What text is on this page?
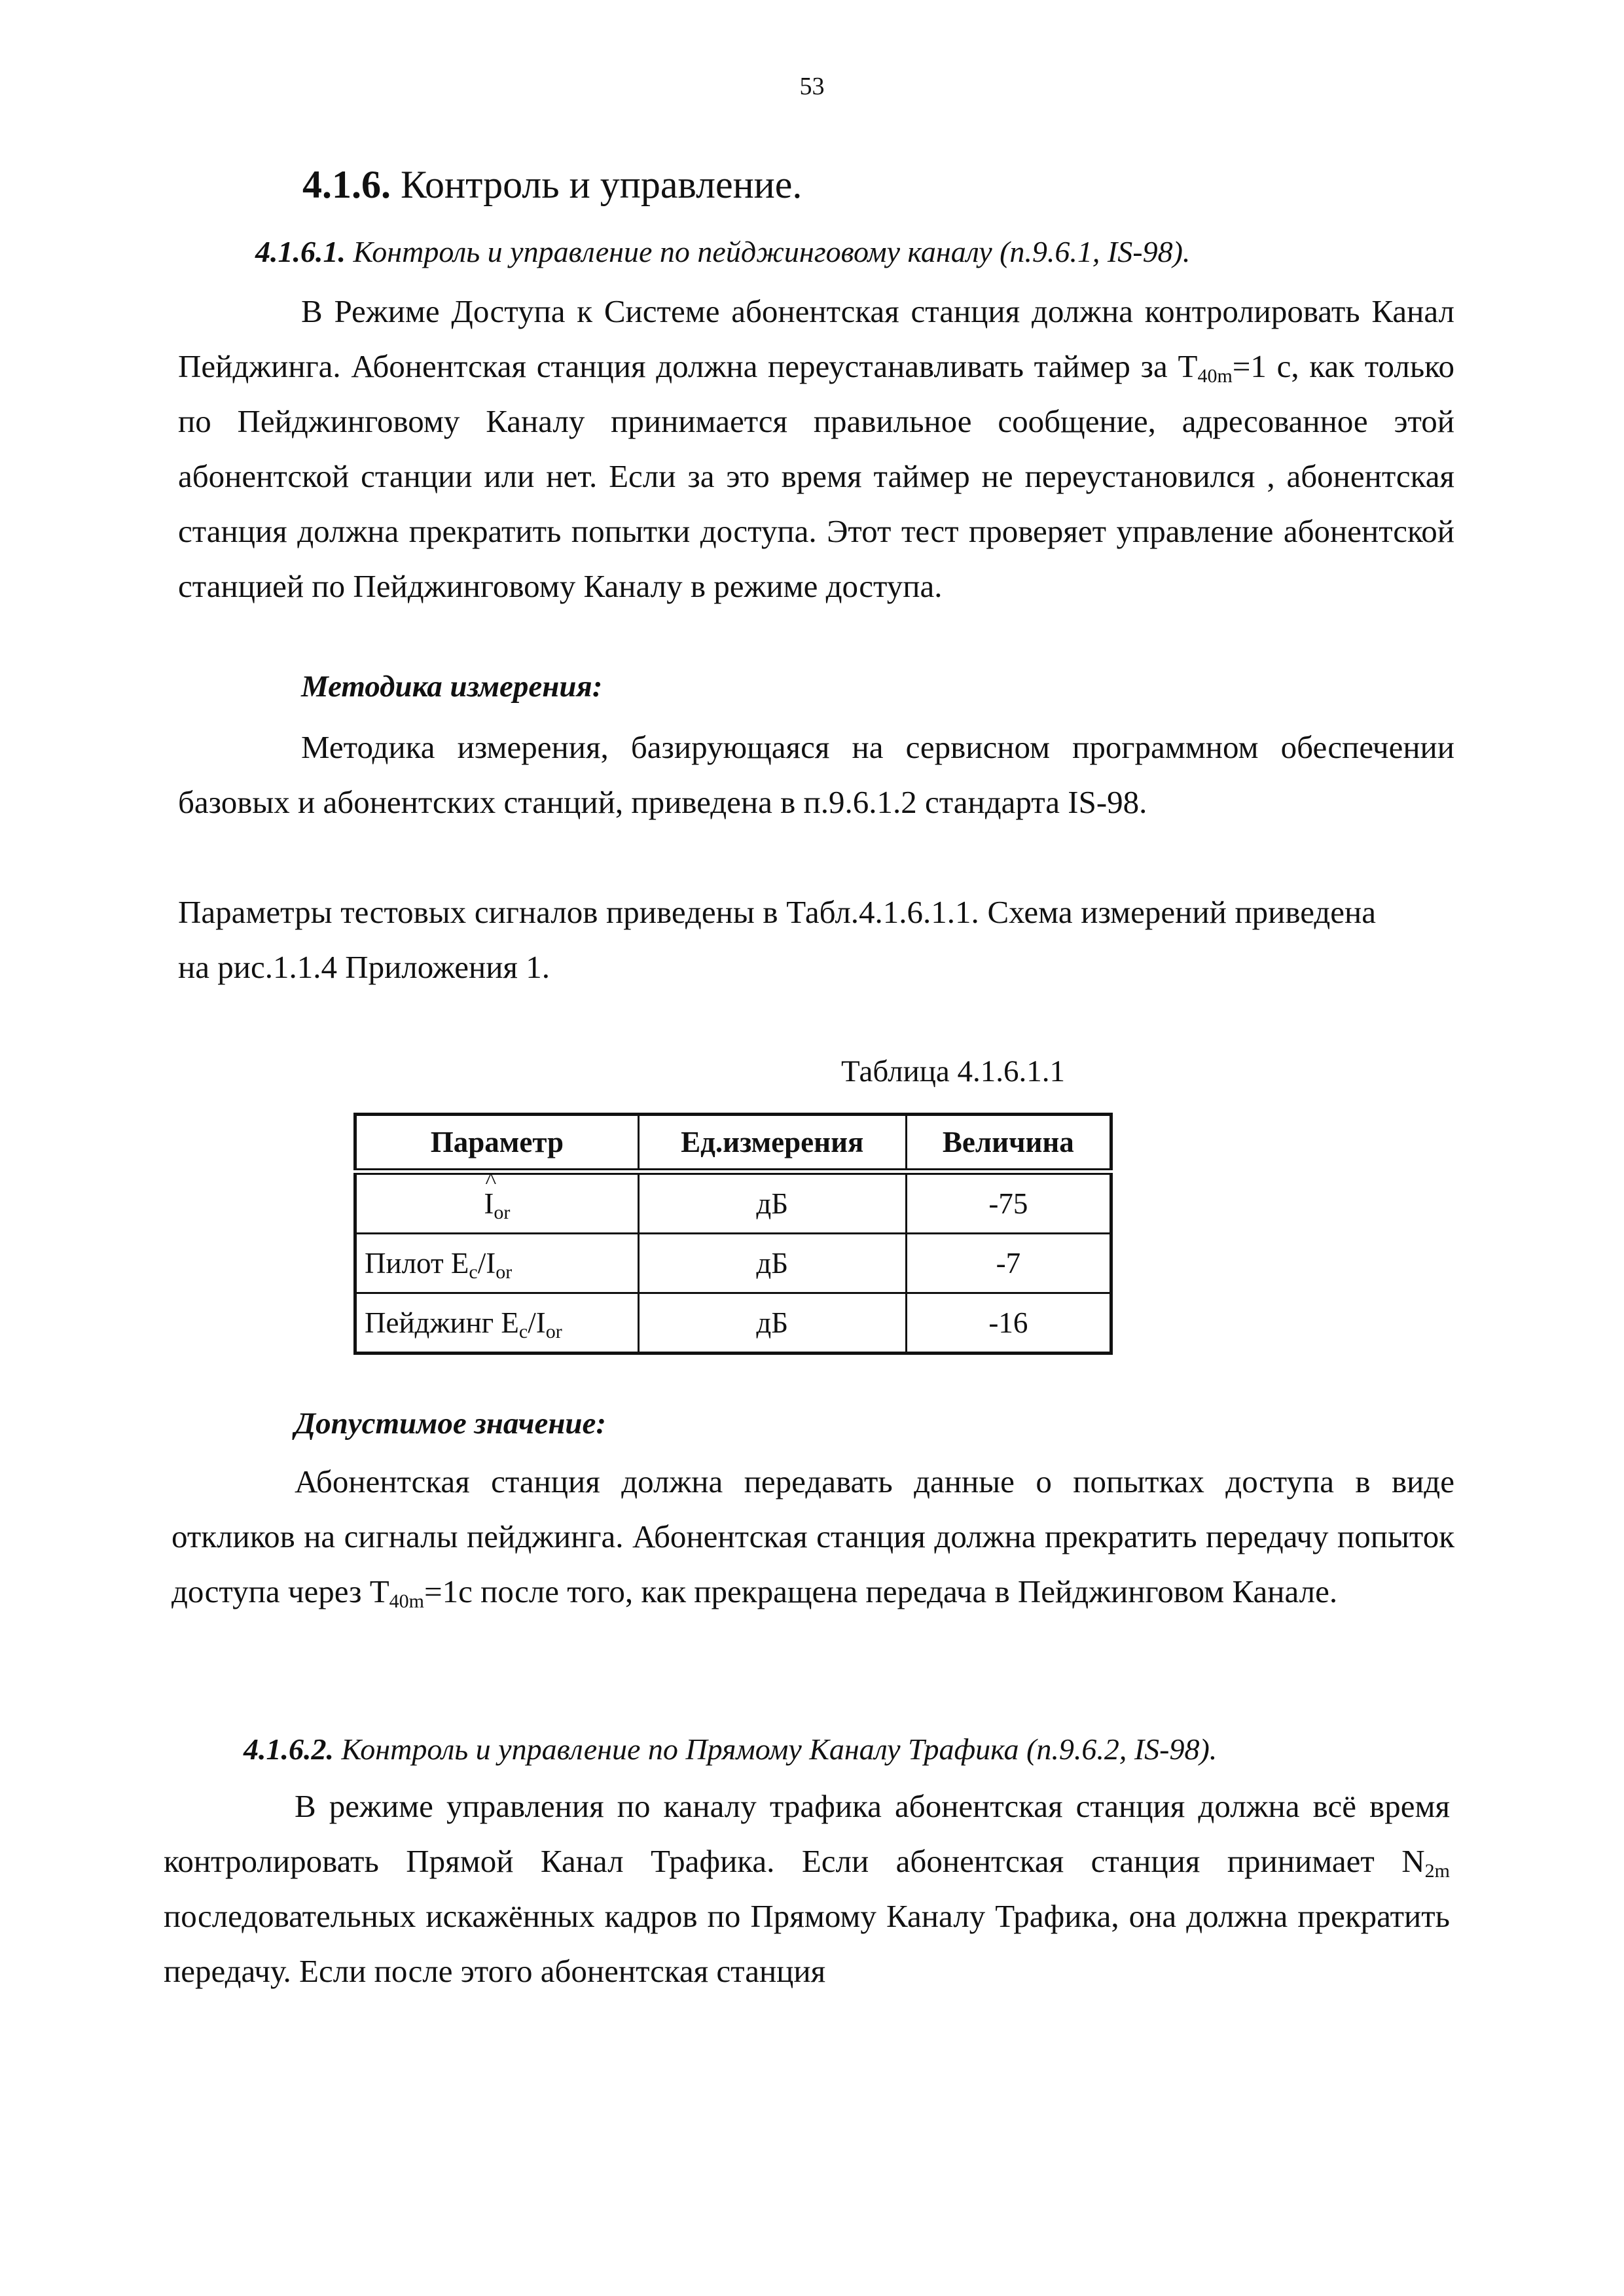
53
4.1.6. Контроль и управление.
4.1.6.1. Контроль и управление по пейджинговому каналу (п.9.6.1, IS-98).
В Режиме Доступа к Системе абонентская станция должна контролировать Канал Пейджинга. Абонентская станция должна переустанавливать таймер за $T_{40m}=1$ с, как только по Пейджинговому Каналу принимается правильное сообщение, адресованное этой абонентской станции или нет. Если за это время таймер не переустановился , абонентская станция должна прекратить попытки доступа. Этот тест проверяет управление абонентской станцией по Пейджинговому Каналу в режиме доступа.
Методика измерения:
Методика измерения, базирующаяся на сервисном программном обеспечении базовых и абонентских станций, приведена в п.9.6.1.2 стандарта IS-98.
Параметры тестовых сигналов приведены в Табл.4.1.6.1.1. Схема измерений приведена на рис.1.1.4 Приложения 1.
Таблица 4.1.6.1.1
Параметр	Ед.измерения	Величина

^
$I_{or}$	дБ	-75
Пилот $E_c/I_{or}$	дБ	-7
Пейджинг $E_c/I_{or}$	дБ	-16
Допустимое значение:
Абонентская станция должна передавать данные о попытках доступа в виде откликов на сигналы пейджинга. Абонентская станция должна прекратить передачу попыток доступа через $T_{40m}=1с$ после того, как прекращена передача в Пейджинговом Канале.
4.1.6.2. Контроль и управление по Прямому Каналу Трафика (п.9.6.2, IS-98).
В режиме управления по каналу трафика абонентская станция должна всё время контролировать Прямой Канал Трафика. Если абонентская станция принимает $N_{2m}$ последовательных искажённых кадров по Прямому Каналу Трафика, она должна прекратить передачу. Если после этого абонентская станция
